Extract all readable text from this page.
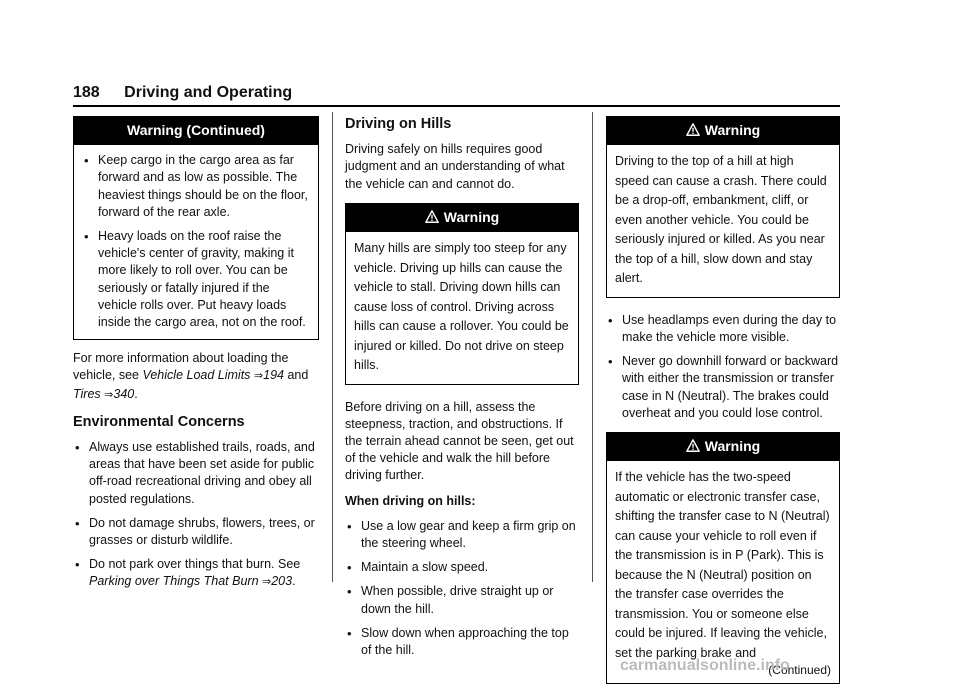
188 Driving and Operating
Warning (Continued)
• Keep cargo in the cargo area as far forward and as low as possible. The heaviest things should be on the floor, forward of the rear axle.
• Heavy loads on the roof raise the vehicle's center of gravity, making it more likely to roll over. You can be seriously or fatally injured if the vehicle rolls over. Put heavy loads inside the cargo area, not on the roof.

For more information about loading the vehicle, see Vehicle Load Limits ⇒194 and Tires ⇒340.

Environmental Concerns
• Always use established trails, roads, and areas that have been set aside for public off-road recreational driving and obey all posted regulations.
• Do not damage shrubs, flowers, trees, or grasses or disturb wildlife.
• Do not park over things that burn. See Parking over Things That Burn ⇒203.
Driving on Hills

Driving safely on hills requires good judgment and an understanding of what the vehicle can and cannot do.

Warning
Many hills are simply too steep for any vehicle. Driving up hills can cause the vehicle to stall. Driving down hills can cause loss of control. Driving across hills can cause a rollover. You could be injured or killed. Do not drive on steep hills.

Before driving on a hill, assess the steepness, traction, and obstructions. If the terrain ahead cannot be seen, get out of the vehicle and walk the hill before driving further.

When driving on hills:

• Use a low gear and keep a firm grip on the steering wheel.
• Maintain a slow speed.
• When possible, drive straight up or down the hill.
• Slow down when approaching the top of the hill.
Warning
Driving to the top of a hill at high speed can cause a crash. There could be a drop-off, embankment, cliff, or even another vehicle. You could be seriously injured or killed. As you near the top of a hill, slow down and stay alert.
• Use headlamps even during the day to make the vehicle more visible.
• Never go downhill forward or backward with either the transmission or transfer case in N (Neutral). The brakes could overheat and you could lose control.
Warning
If the vehicle has the two-speed automatic or electronic transfer case, shifting the transfer case to N (Neutral) can cause your vehicle to roll even if the transmission is in P (Park). This is because the N (Neutral) position on the transfer case overrides the transmission. You or someone else could be injured. If leaving the vehicle, set the parking brake and
(Continued)
carmanualsonline.info
